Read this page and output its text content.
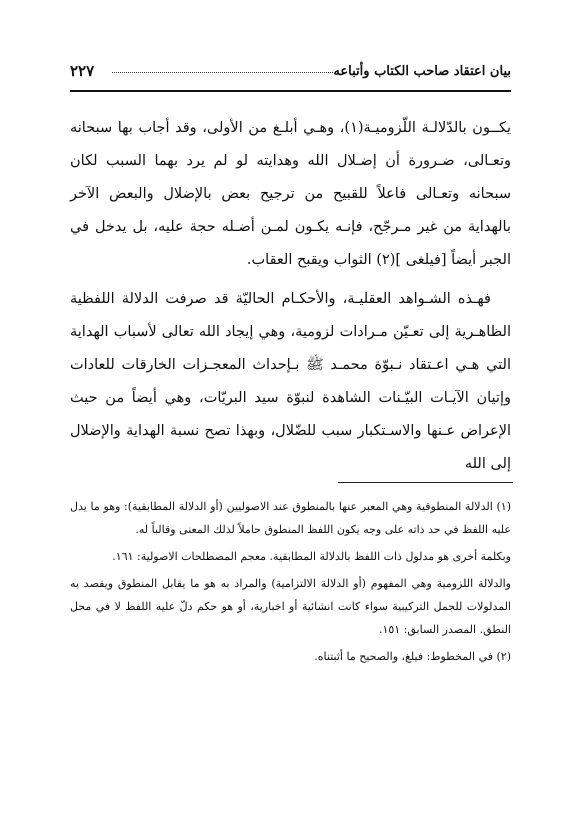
بيان اعتقاد صاحب الكتاب وأتباعه
٢٢٧

يكــون بالدّلالـة اللّزوميـة(١)، وهـي أبلـغ من الأولى، وقد أجاب بها سبحانه وتعـالى، ضـرورة أن إضـلال الله وهدايته لو لم يرد بهما السبب لكان سبحانه وتعـالى فاعلاً للقبيح من ترجيح بعض بالإضلال والبعض الآخر بالهداية من غير مـرجّح، فإنـه يكـون لمـن أضـله حجة عليه، بل يدخل في الجبر أيضاً [فيلغى ](٢) الثواب ويقبح العقاب.

فهـذه الشـواهد العقليـة، والأحكـام الحاليّة قد صرفت الدلالة اللفظية الظاهـرية إلى تعـيّن مـرادات لزومية، وهي إيجاد الله تعالى لأسباب الهداية التي هـي اعـتقاد نـبوّة محمـد ﷺ بـإحداث المعجـزات الخارقات للعادات وإتيان الآيـات البيّـنات الشاهدة لنبوّة سيد البريّات، وهي أيضاً من حيث الإعراض عـنها والاسـتكبار سبب للضّلال، وبهذا تصح نسبة الهداية والإضلال إلى الله

(١) الدلالة المنطوقية وهي المعبر عنها بالمنطوق عند الاصوليين (أو الدلالة المطابقية): وهو ما يدل عليه اللفظ في حد ذاته على وجه يكون اللفظ المنطوق حاملاً لذلك المعنى وقالباً له.

وبكلمة أخرى هو مدلول ذات اللفظ بالدلالة المطابقية. معجم المصطلحات الاصولية: ١٦١.

والدلالة اللزومية وهي المفهوم (أو الدلالة الالتزامية) والمراد به هو ما يقابل المنطوق ويقصد به المدلولات للجمل التركيبية سواء كانت انشائية أو اخبارية، أو هو حكم دلّ عليه اللفظ لا في محل النطق. المصدر السابق: ١٥١.

(٢) في المخطوط: فيلغ، والصحيح ما أثبتناه.
